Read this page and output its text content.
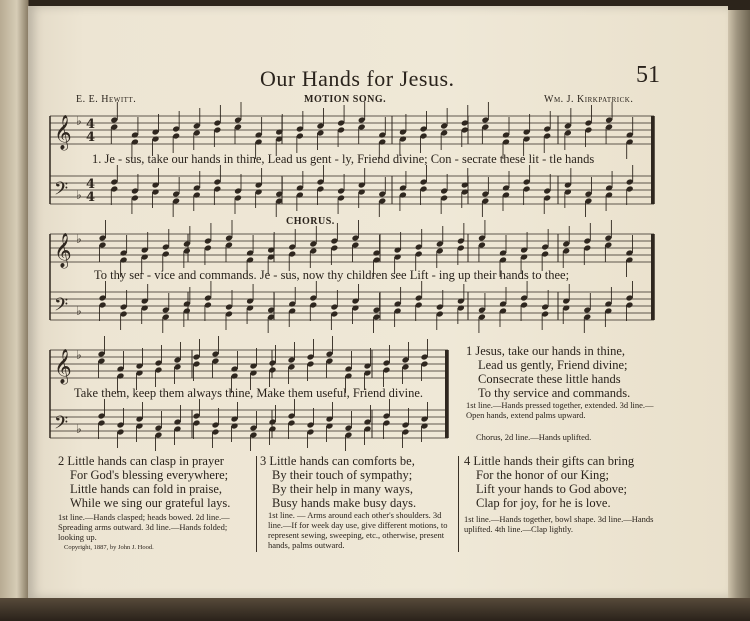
Our Hands for Jesus.	51
E. E. Hewitt.	MOTION SONG.	Wm. J. Kirkpatrick.
𝄞
𝄢
♭
♭
4
4
4
4
𝄞
𝄢
♭
♭
𝄞
𝄢
♭
♭
1. Je - sus, take our hands in thine, Lead us gent - ly, Friend divine; Con - secrate these lit - tle hands
CHORUS.
To thy ser - vice and commands. Je - sus, now thy children see Lift - ing up their hands to thee;
Take them, keep them always thine, Make them useful, Friend divine.
1 Jesus, take our hands in thine,
Lead us gently, Friend divine;
Consecrate these little hands
To thy service and commands.
1st line.—Hands pressed together, extended. 3d line.— Open hands, extend palms upward.
Chorus, 2d line.—Hands uplifted.
2 Little hands can clasp in prayer
For God's blessing everywhere;
Little hands can fold in praise,
While we sing our grateful lays.
1st line.—Hands clasped; heads bowed. 2d line.— Spreading arms outward. 3d line.—Hands folded; looking up.
3 Little hands can comforts be,
By their touch of sympathy;
By their help in many ways,
Busy hands make busy days.
1st line. — Arms around each other's shoulders. 3d line.—If for week day use, give different motions, to represent sewing, sweeping, etc., otherwise, present hands, palms outward.
4 Little hands their gifts can bring
For the honor of our King;
Lift your hands to God above;
Clap for joy, for he is love.
1st line.—Hands together, bowl shape. 3d line.—Hands uplifted. 4th line.—Clap lightly.
Copyright, 1887, by John J. Hood.
